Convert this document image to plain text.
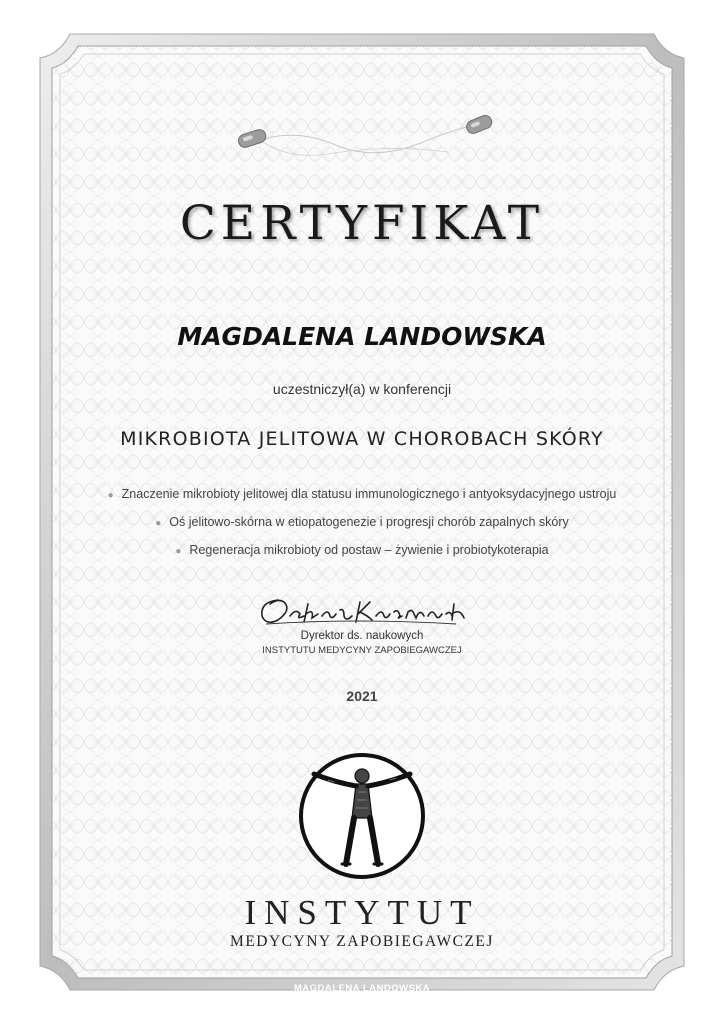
CERTYFIKAT
MAGDALENA LANDOWSKA
uczestniczył(a) w konferencji
MIKROBIOTA JELITOWA W CHOROBACH SKÓRY
● Znaczenie mikrobioty jelitowej dla statusu immunologicznego i antyoksydacyjnego ustroju
● Oś jelitowo-skórna w etiopatogenezie i progresji chorób zapalnych skóry
● Regeneracja mikrobioty od postaw – żywienie i probiotykoterapia
Dyrektor ds. naukowych
INSTYTUTU MEDYCYNY ZAPOBIEGAWCZEJ
2021
INSTYTUT
MEDYCYNY ZAPOBIEGAWCZEJ
MAGDALENA LANDOWSKA
